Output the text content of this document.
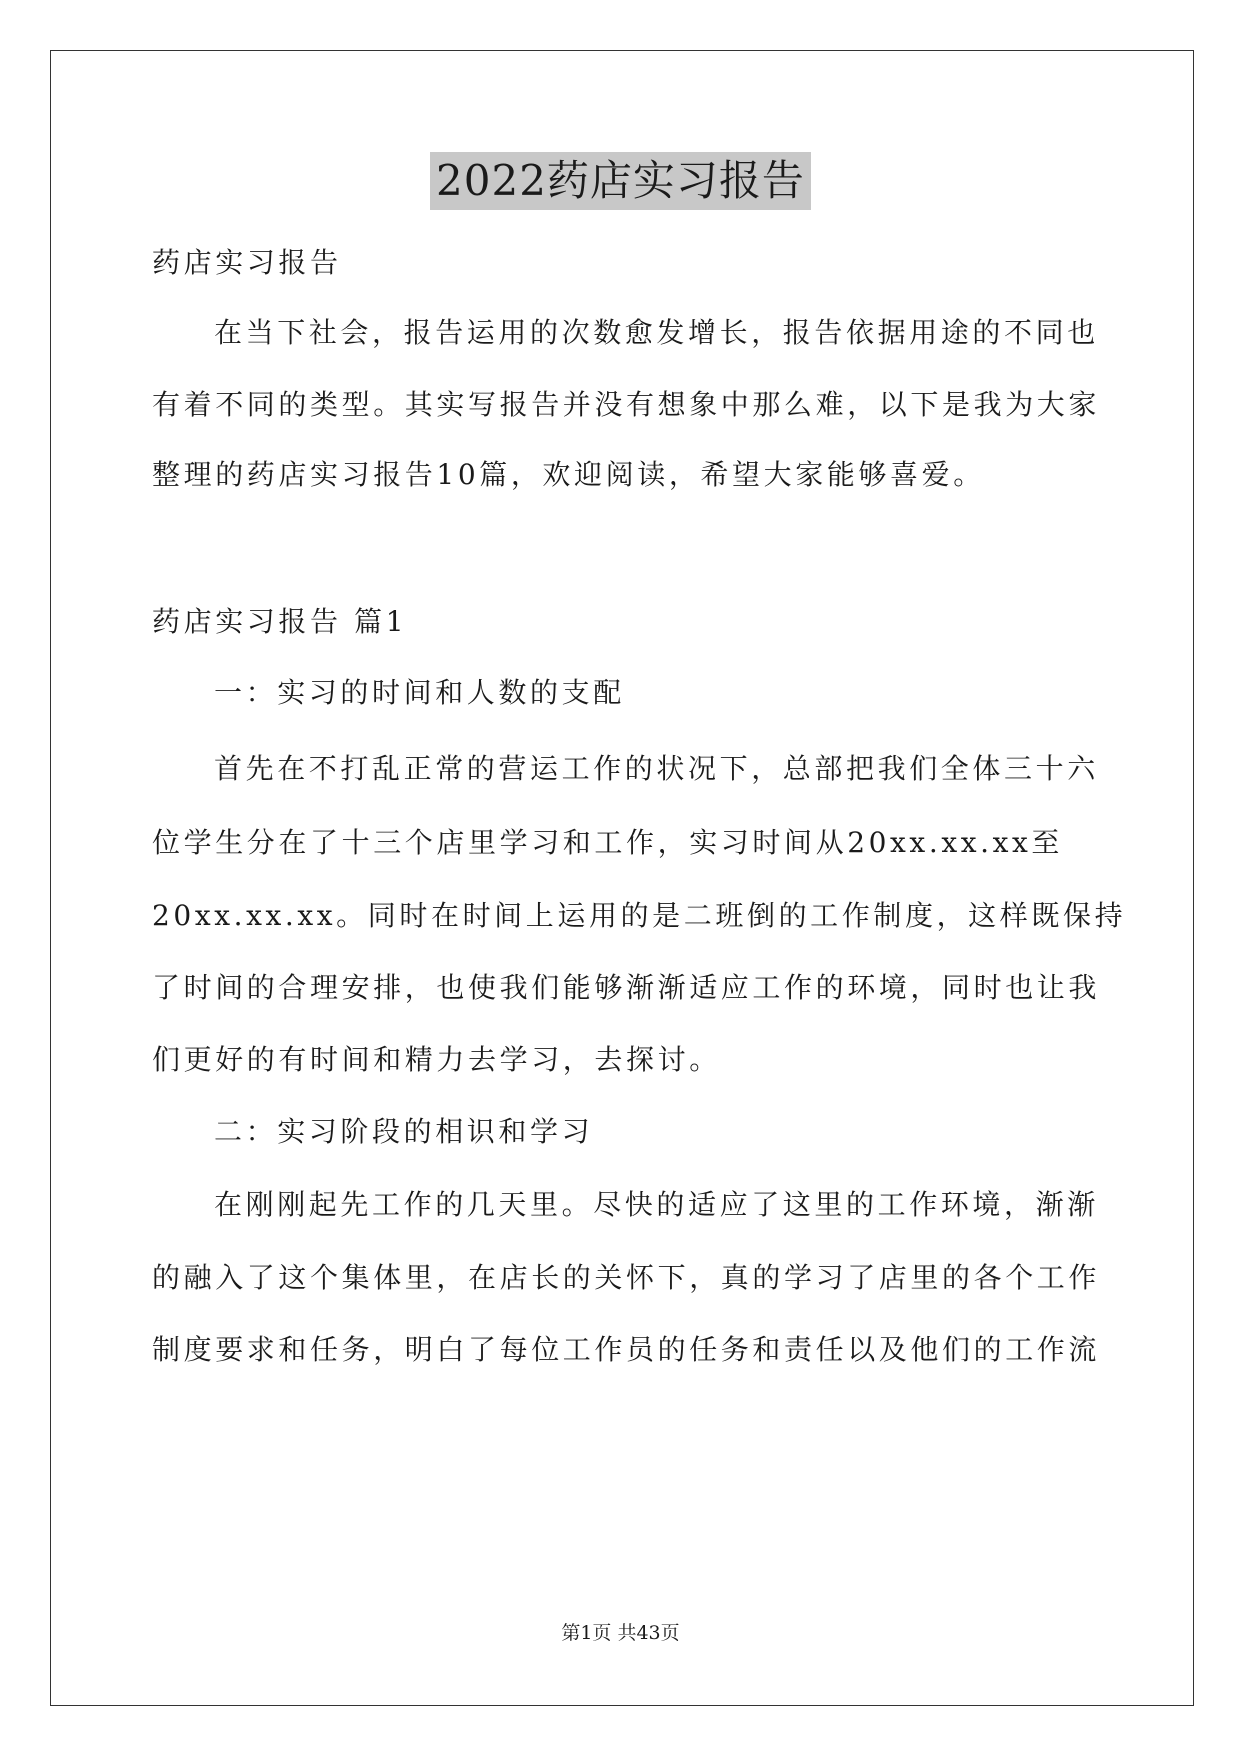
2022药店实习报告
药店实习报告
在当下社会，报告运用的次数愈发增长，报告依据用途的不同也
有着不同的类型。其实写报告并没有想象中那么难，以下是我为大家
整理的药店实习报告10篇，欢迎阅读，希望大家能够喜爱。
药店实习报告 篇1
一：实习的时间和人数的支配
首先在不打乱正常的营运工作的状况下，总部把我们全体三十六
位学生分在了十三个店里学习和工作，实习时间从20xx.xx.xx至
20xx.xx.xx。同时在时间上运用的是二班倒的工作制度，这样既保持
了时间的合理安排，也使我们能够渐渐适应工作的环境，同时也让我
们更好的有时间和精力去学习，去探讨。
二：实习阶段的相识和学习
在刚刚起先工作的几天里。尽快的适应了这里的工作环境，渐渐
的融入了这个集体里，在店长的关怀下，真的学习了店里的各个工作
制度要求和任务，明白了每位工作员的任务和责任以及他们的工作流
第1页 共43页
